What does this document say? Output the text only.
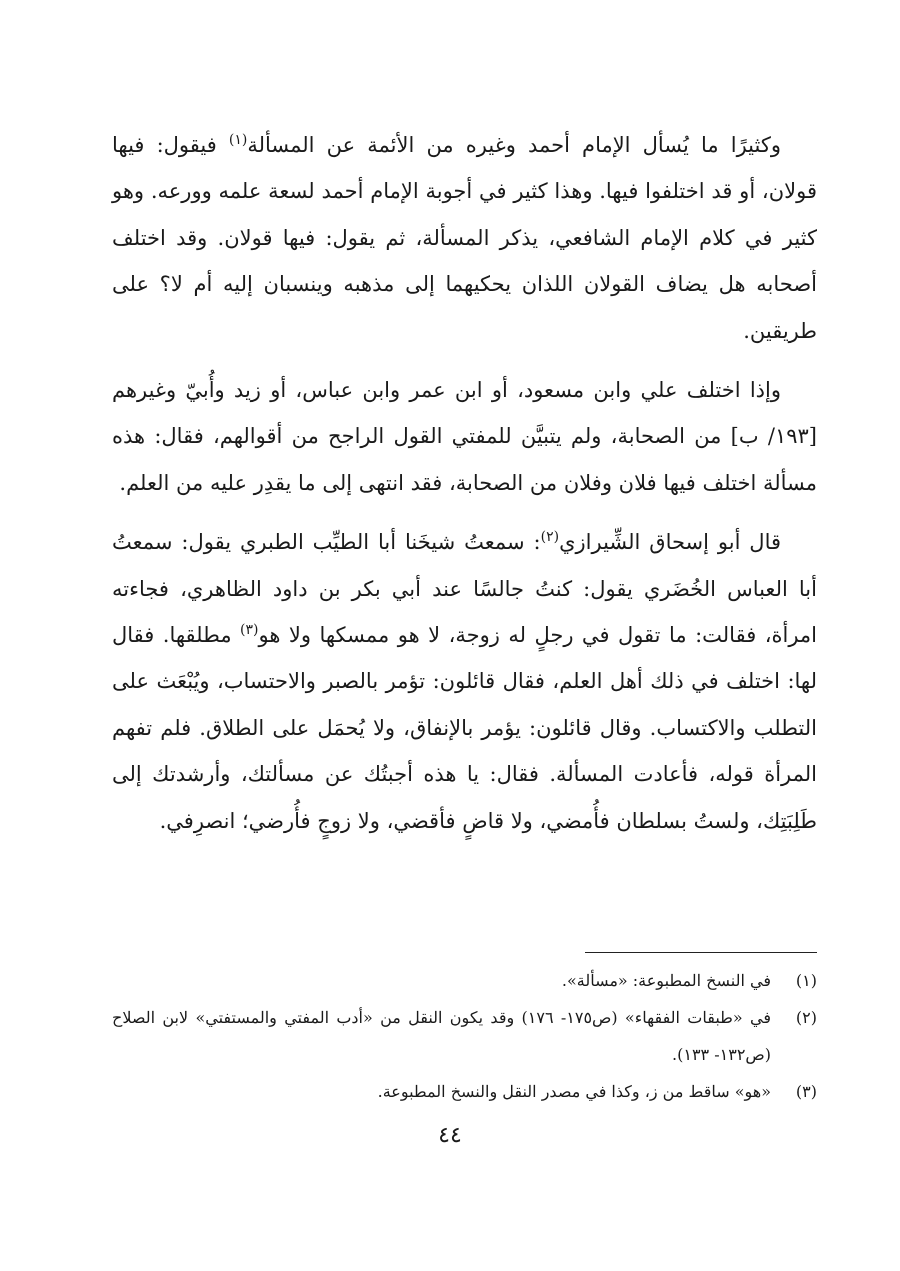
وكثيرًا ما يُسأل الإمام أحمد وغيره من الأئمة عن المسألة$^{(١)}$ فيقول: فيها قولان، أو قد اختلفوا فيها. وهذا كثير في أجوبة الإمام أحمد لسعة علمه وورعه. وهو كثير في كلام الإمام الشافعي، يذكر المسألة، ثم يقول: فيها قولان. وقد اختلف أصحابه هل يضاف القولان اللذان يحكيهما إلى مذهبه وينسبان إليه أم لا؟ على طريقين.

وإذا اختلف علي وابن مسعود، أو ابن عمر وابن عباس، أو زيد وأُبيّ وغيرهم [١٩٣/ ب] من الصحابة، ولم يتبيَّن للمفتي القول الراجح من أقوالهم، فقال: هذه مسألة اختلف فيها فلان وفلان من الصحابة، فقد انتهى إلى ما يقدِر عليه من العلم.

قال أبو إسحاق الشِّيرازي$^{(٢)}$: سمعتُ شيخَنا أبا الطيِّب الطبري يقول: سمعتُ أبا العباس الخُضَري يقول: كنتُ جالسًا عند أبي بكر بن داود الظاهري، فجاءته امرأة، فقالت: ما تقول في رجلٍ له زوجة، لا هو ممسكها ولا هو$^{(٣)}$ مطلقها. فقال لها: اختلف في ذلك أهل العلم، فقال قائلون: تؤمر بالصبر والاحتساب، ويُبْعَث على التطلب والاكتساب. وقال قائلون: يؤمر بالإنفاق، ولا يُحمَل على الطلاق. فلم تفهم المرأة قوله، فأعادت المسألة. فقال: يا هذه أجبتُك عن مسألتك، وأرشدتك إلى طَلِبَتِك، ولستُ بسلطان فأُمضي، ولا قاضٍ فأقضي، ولا زوجٍ فأُرضي؛ انصرِفي.

(١)
في النسخ المطبوعة: «مسألة».
(٢)
في «طبقات الفقهاء» (ص١٧٥- ١٧٦) وقد يكون النقل من «أدب المفتي والمستفتي» لابن الصلاح (ص١٣٢- ١٣٣).
(٣)
«هو» ساقط من ز، وكذا في مصدر النقل والنسخ المطبوعة.
٤٤
